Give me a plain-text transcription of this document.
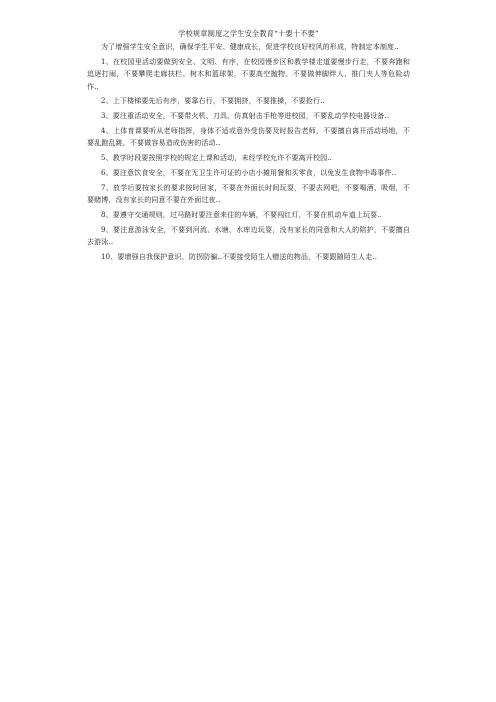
学校规章制度之学生安全教育“十要十不要”

为了增强学生安全意识，确保学生平安、健康成长，促进学校良好校风的形成，特制定本制度..

1、在校园里活动要做到安全、文明、有序，在校园慢步区和教学楼走道要慢步行走，不要奔跑和追逐打闹，不要攀爬走廊扶栏、树木和篮球架，不要高空抛物、不要做伸脚绊人、推门夹人等危险动作..

2、上下楼梯要先后有序，要靠右行，不要拥挤，不要推搡，不要抢行..

3、要注重活动安全，不要带火机、刀具、仿真射击手枪等进校园，不要乱动学校电器设备..

4、上体育课要听从老师指挥，身体不适或意外受伤要及时报告老师，不要擅自离开活动场地，不要乱跑乱跳，不要做容易造成伤害的活动..

5、教学时段要按照学校的规定上课和活动，未经学校允许不要离开校园..

6、要注意饮食安全，不要在无卫生许可证的小店小摊用餐和买零食，以免发生食物中毒事件..

7、放学后要按家长的要求按时回家，不要在外面长时间玩耍，不要去网吧，不要喝酒、吸烟，不要赌博，没有家长的同意不要在外面过夜..

8、要遵守交通规则，过马路时要注意来往的车辆，不要闯红灯，不要在机动车道上玩耍..

9、要注意游泳安全，不要到河流、水塘、水库边玩耍，没有家长的同意和大人的陪护，不要擅自去游泳..

10、要增强自我保护意识，防拐防骗..不要接受陌生人赠送的物品，不要跟随陌生人走..
